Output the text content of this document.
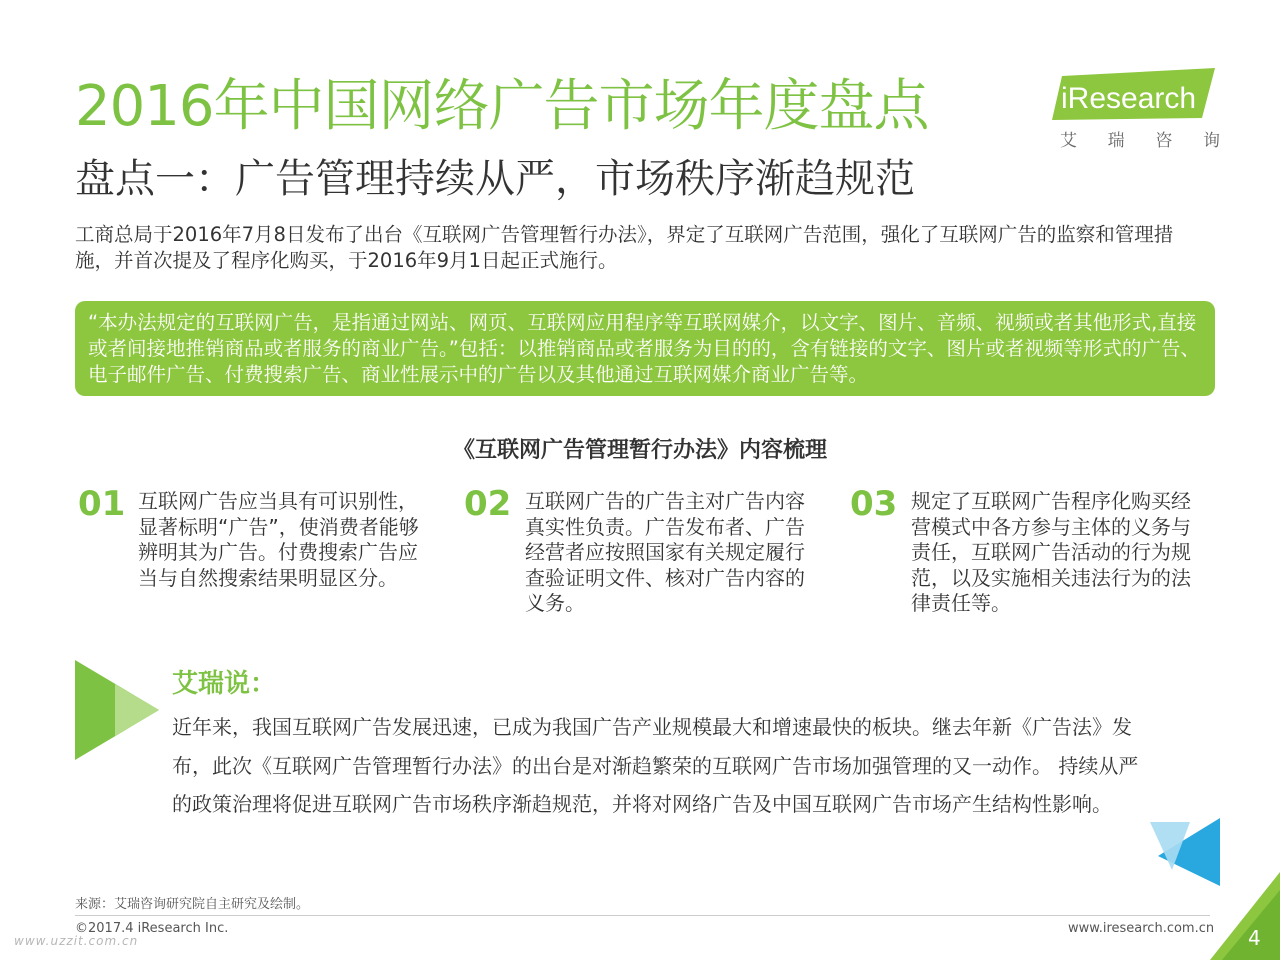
2016年中国网络广告市场年度盘点
盘点一：广告管理持续从严，市场秩序渐趋规范
iResearch
艾 瑞 咨 询
工商总局于2016年7月8日发布了出台《互联网广告管理暂行办法》，界定了互联网广告范围，强化了互联网广告的监察和管理措施，并首次提及了程序化购买，于2016年9月1日起正式施行。
“本办法规定的互联网广告，是指通过网站、网页、互联网应用程序等互联网媒介，以文字、图片、音频、视频或者其他形式,直接或者间接地推销商品或者服务的商业广告。”包括：以推销商品或者服务为目的的，含有链接的文字、图片或者视频等形式的广告、电子邮件广告、付费搜索广告、商业性展示中的广告以及其他通过互联网媒介商业广告等。
《互联网广告管理暂行办法》内容梳理
01 互联网广告应当具有可识别性，显著标明“广告”，使消费者能够辨明其为广告。付费搜索广告应当与自然搜索结果明显区分。
02 互联网广告的广告主对广告内容真实性负责。广告发布者、广告经营者应按照国家有关规定履行查验证明文件、核对广告内容的义务。
03 规定了互联网广告程序化购买经营模式中各方参与主体的义务与责任，互联网广告活动的行为规范，以及实施相关违法行为的法律责任等。
艾瑞说：
近年来，我国互联网广告发展迅速，已成为我国广告产业规模最大和增速最快的板块。继去年新《广告法》发布，此次《互联网广告管理暂行办法》的出台是对渐趋繁荣的互联网广告市场加强管理的又一动作。 持续从严的政策治理将促进互联网广告市场秩序渐趋规范，并将对网络广告及中国互联网广告市场产生结构性影响。
来源：艾瑞咨询研究院自主研究及绘制。
©2017.4 iResearch Inc.	www.iresearch.com.cn
www.uzzit.com.cn	4
